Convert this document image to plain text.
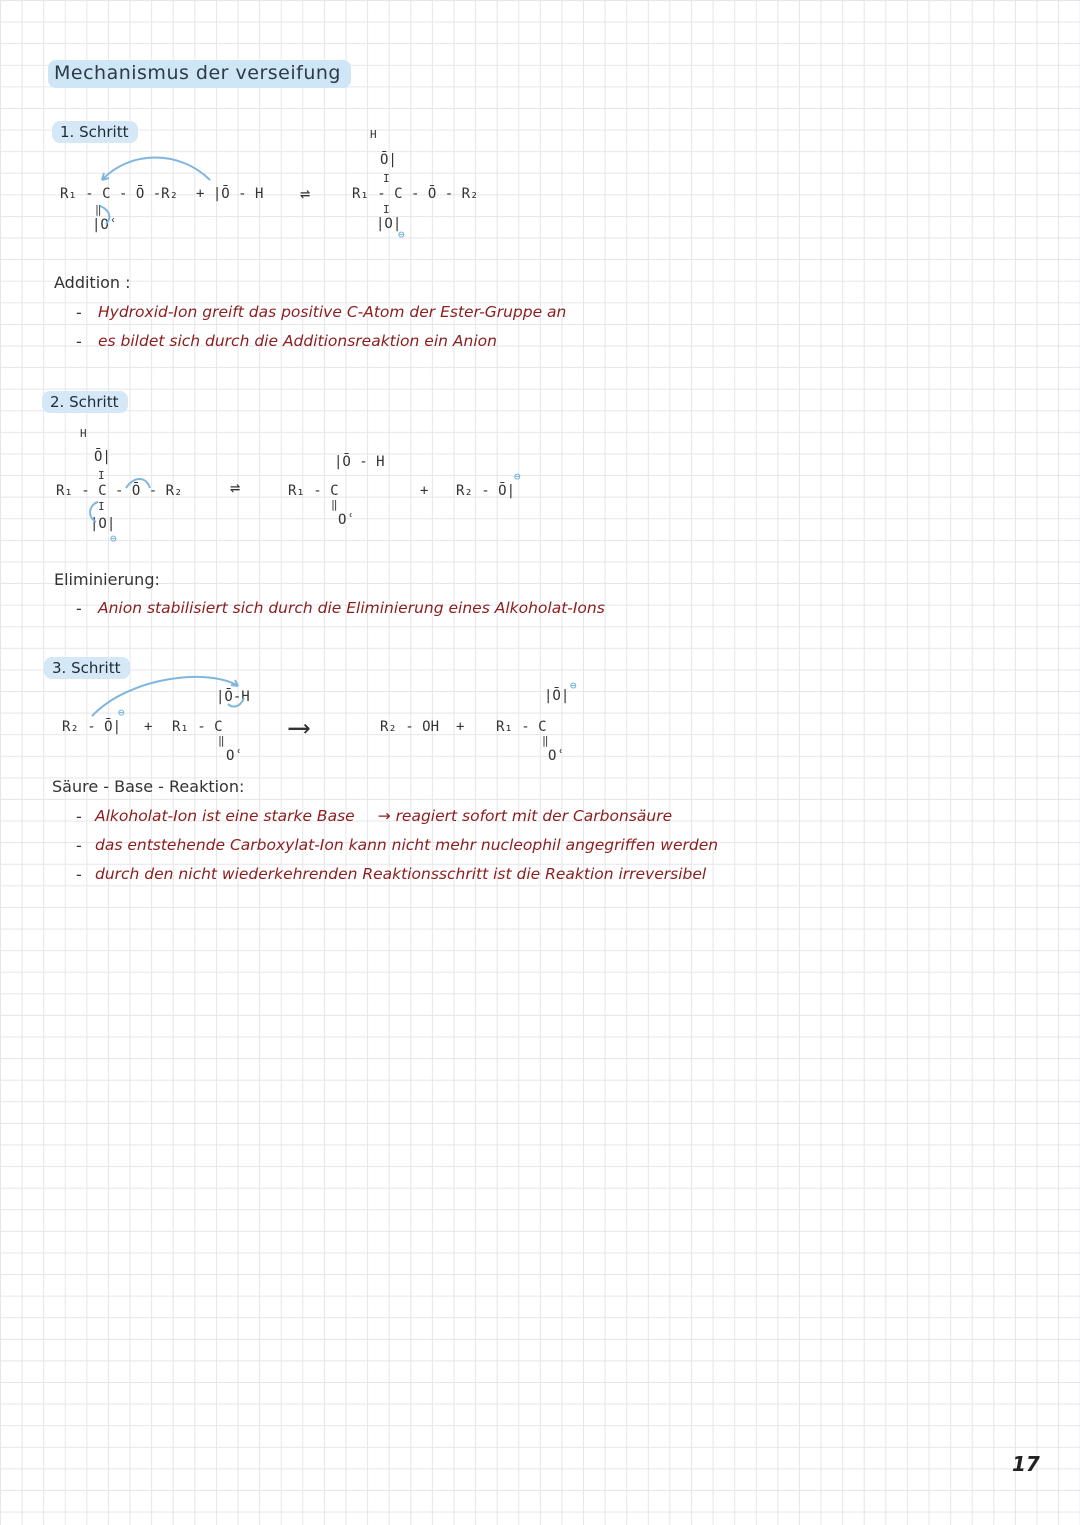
Mechanismus der verseifung
1. Schritt
R₁ - C - Ō -R₂
‖
|Oʿ
+ |Ō - H ⇌
H
Ō|
I
R₁ - C - Ō - R₂
I
|O|
⊖
Addition :
- Hydroxid-Ion greift das positive C-Atom der Ester-Gruppe an
- es bildet sich durch die Additionsreaktion ein Anion
2. Schritt
H
Ō|
I
R₁ - C - Ō - R₂
I
|O|
⊖
⇌
|Ō - H
R₁ - C
‖
Oʿ
+ R₂ - Ō|
⊖
Eliminierung:
- Anion stabilisiert sich durch die Eliminierung eines Alkoholat-Ions
3. Schritt
R₂ - Ō|
⊖
+
|Ō-H
R₁ - C
‖
Oʿ
⟶	R₂ - OH +
|Ō|
⊖
R₁ - C
‖
Oʿ
Säure - Base - Reaktion:
- Alkoholat-Ion ist eine starke Base → reagiert sofort mit der Carbonsäure
- das entstehende Carboxylat-Ion kann nicht mehr nucleophil angegriffen werden
- durch den nicht wiederkehrenden Reaktionsschritt ist die Reaktion irreversibel
17
